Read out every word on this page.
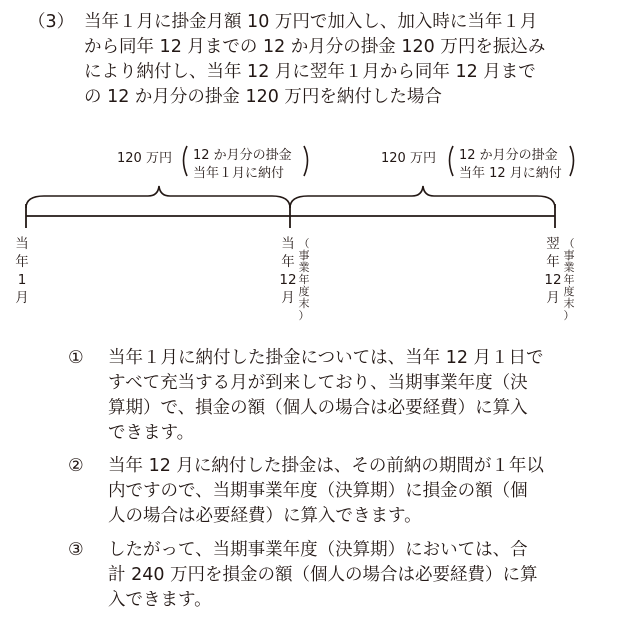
（3） 当年１月に掛金月額 10 万円で加入し、加入時に当年１月
から同年 12 月までの 12 か月分の掛金 120 万円を振込み
により納付し、当年 12 月に翌年１月から同年 12 月まで
の 12 か月分の掛金 120 万円を納付した場合
120 万円 12 か月分の掛金
当年１月に納付
120 万円 12 か月分の掛金
当年 12 月に納付
当
年
1
月
当
年
12
月
（
事
業
年
度
末
）
翌
年
12
月
（
事
業
年
度
末
）
① 当年１月に納付した掛金については、当年 12 月１日で
すべて充当する月が到来しており、当期事業年度（決
算期）で、損金の額（個人の場合は必要経費）に算入
できます。
② 当年 12 月に納付した掛金は、その前納の期間が１年以
内ですので、当期事業年度（決算期）に損金の額（個
人の場合は必要経費）に算入できます。
③ したがって、当期事業年度（決算期）においては、合
計 240 万円を損金の額（個人の場合は必要経費）に算
入できます。
